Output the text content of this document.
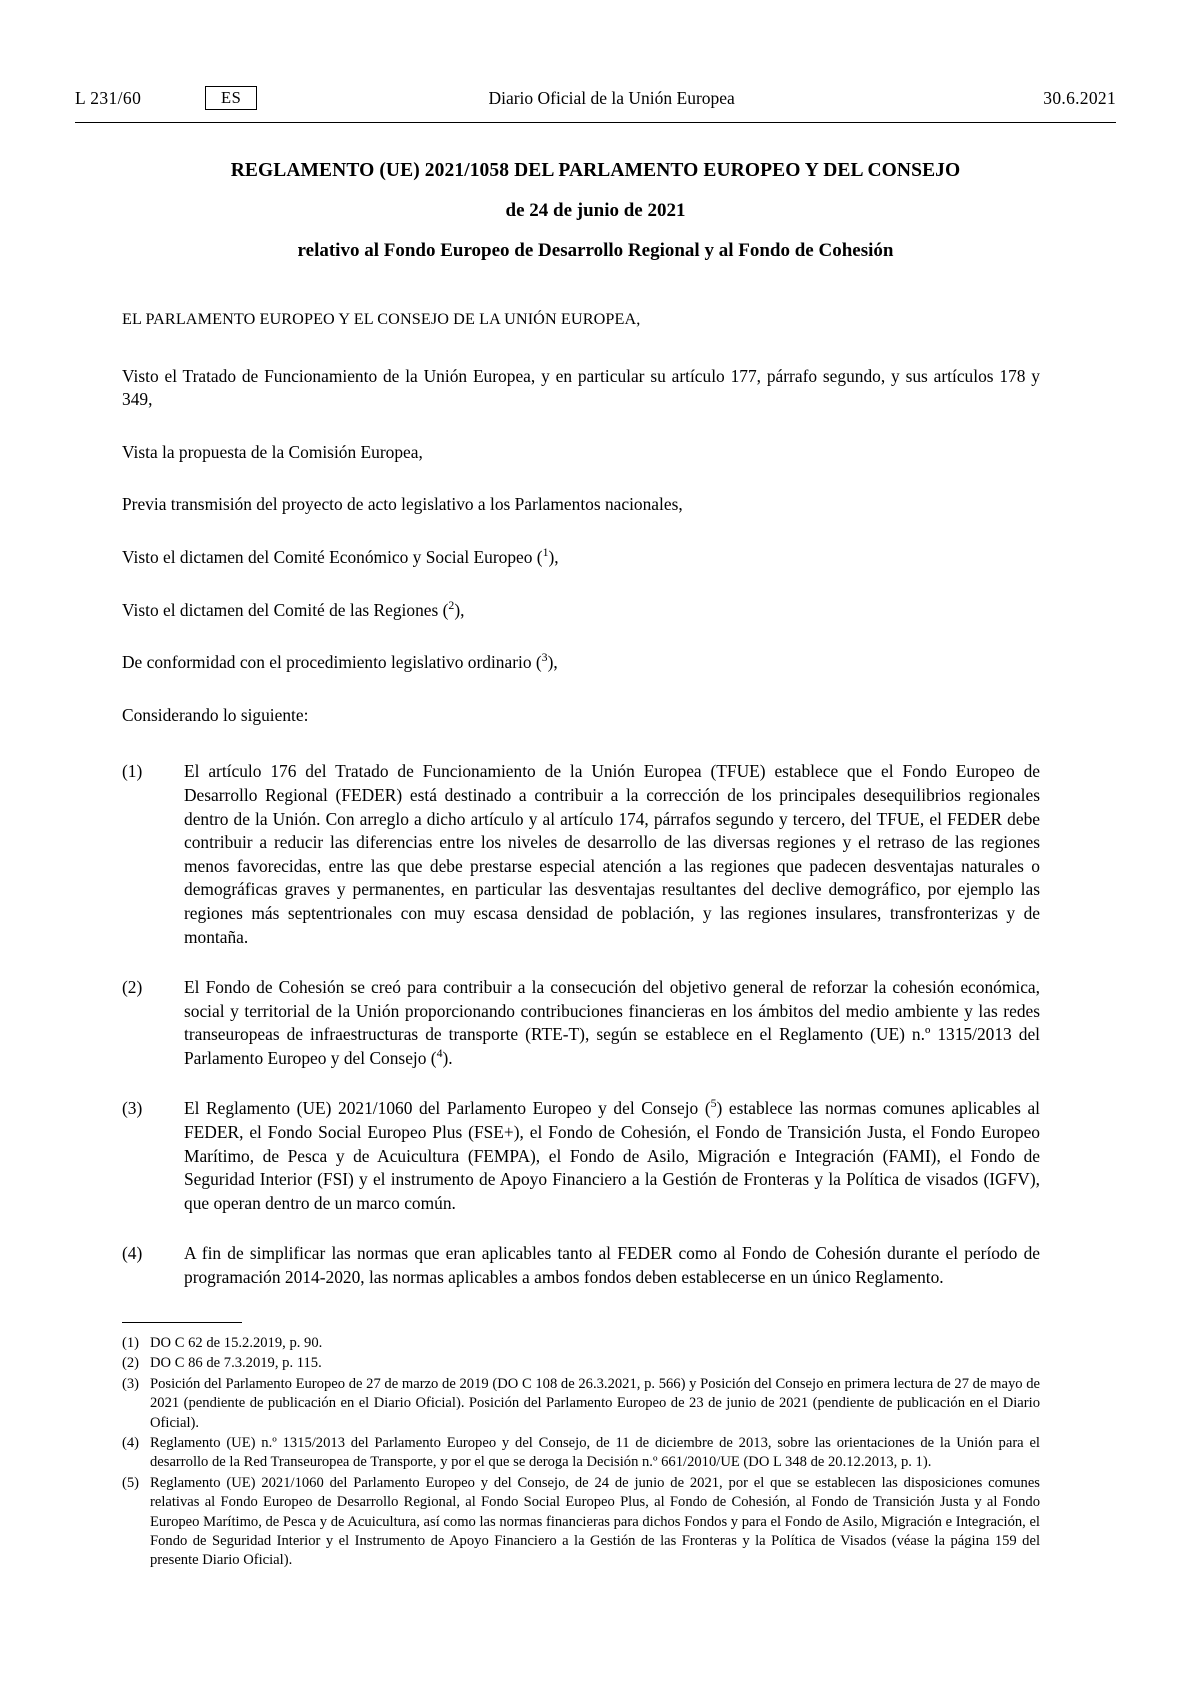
L 231/60	ES	Diario Oficial de la Unión Europea	30.6.2021
REGLAMENTO (UE) 2021/1058 DEL PARLAMENTO EUROPEO Y DEL CONSEJO
de 24 de junio de 2021
relativo al Fondo Europeo de Desarrollo Regional y al Fondo de Cohesión

EL PARLAMENTO EUROPEO Y EL CONSEJO DE LA UNIÓN EUROPEA,

Visto el Tratado de Funcionamiento de la Unión Europea, y en particular su artículo 177, párrafo segundo, y sus artículos 178 y 349,

Vista la propuesta de la Comisión Europea,

Previa transmisión del proyecto de acto legislativo a los Parlamentos nacionales,

Visto el dictamen del Comité Económico y Social Europeo ($^1$),

Visto el dictamen del Comité de las Regiones ($^2$),

De conformidad con el procedimiento legislativo ordinario ($^3$),

Considerando lo siguiente:

(1)	El artículo 176 del Tratado de Funcionamiento de la Unión Europea (TFUE) establece que el Fondo Europeo de Desarrollo Regional (FEDER) está destinado a contribuir a la corrección de los principales desequilibrios regionales dentro de la Unión. Con arreglo a dicho artículo y al artículo 174, párrafos segundo y tercero, del TFUE, el FEDER debe contribuir a reducir las diferencias entre los niveles de desarrollo de las diversas regiones y el retraso de las regiones menos favorecidas, entre las que debe prestarse especial atención a las regiones que padecen desventajas naturales o demográficas graves y permanentes, en particular las desventajas resultantes del declive demográfico, por ejemplo las regiones más septentrionales con muy escasa densidad de población, y las regiones insulares, transfronterizas y de montaña.
(2)	El Fondo de Cohesión se creó para contribuir a la consecución del objetivo general de reforzar la cohesión económica, social y territorial de la Unión proporcionando contribuciones financieras en los ámbitos del medio ambiente y las redes transeuropeas de infraestructuras de transporte (RTE-T), según se establece en el Reglamento (UE) n.º 1315/2013 del Parlamento Europeo y del Consejo ($^4$).
(3)	El Reglamento (UE) 2021/1060 del Parlamento Europeo y del Consejo ($^5$) establece las normas comunes aplicables al FEDER, el Fondo Social Europeo Plus (FSE+), el Fondo de Cohesión, el Fondo de Transición Justa, el Fondo Europeo Marítimo, de Pesca y de Acuicultura (FEMPA), el Fondo de Asilo, Migración e Integración (FAMI), el Fondo de Seguridad Interior (FSI) y el instrumento de Apoyo Financiero a la Gestión de Fronteras y la Política de visados (IGFV), que operan dentro de un marco común.
(4)	A fin de simplificar las normas que eran aplicables tanto al FEDER como al Fondo de Cohesión durante el período de programación 2014-2020, las normas aplicables a ambos fondos deben establecerse en un único Reglamento.
(1) DO C 62 de 15.2.2019, p. 90.
(2) DO C 86 de 7.3.2019, p. 115.
(3) Posición del Parlamento Europeo de 27 de marzo de 2019 (DO C 108 de 26.3.2021, p. 566) y Posición del Consejo en primera lectura de 27 de mayo de 2021 (pendiente de publicación en el Diario Oficial). Posición del Parlamento Europeo de 23 de junio de 2021 (pendiente de publicación en el Diario Oficial).
(4) Reglamento (UE) n.º 1315/2013 del Parlamento Europeo y del Consejo, de 11 de diciembre de 2013, sobre las orientaciones de la Unión para el desarrollo de la Red Transeuropea de Transporte, y por el que se deroga la Decisión n.º 661/2010/UE (DO L 348 de 20.12.2013, p. 1).
(5) Reglamento (UE) 2021/1060 del Parlamento Europeo y del Consejo, de 24 de junio de 2021, por el que se establecen las disposiciones comunes relativas al Fondo Europeo de Desarrollo Regional, al Fondo Social Europeo Plus, al Fondo de Cohesión, al Fondo de Transición Justa y al Fondo Europeo Marítimo, de Pesca y de Acuicultura, así como las normas financieras para dichos Fondos y para el Fondo de Asilo, Migración e Integración, el Fondo de Seguridad Interior y el Instrumento de Apoyo Financiero a la Gestión de las Fronteras y la Política de Visados (véase la página 159 del presente Diario Oficial).
